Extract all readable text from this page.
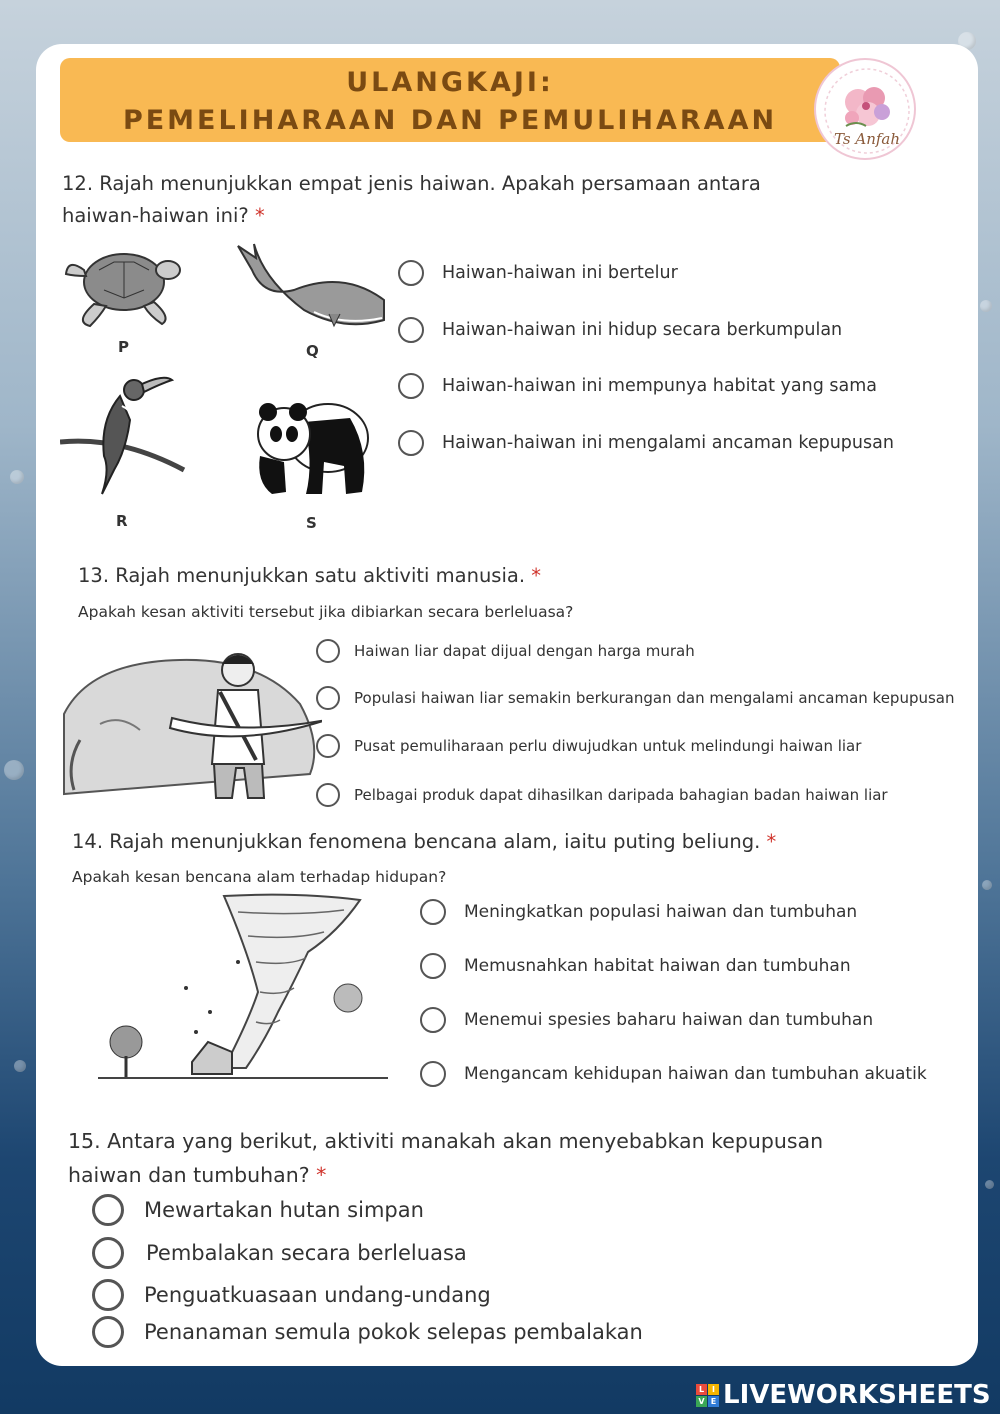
ULANGKAJI:
PEMELIHARAAN DAN PEMULIHARAAN
Ts Anfah
12. Rajah menunjukkan empat jenis haiwan. Apakah persamaan antara
haiwan-haiwan ini? *
P	Q
R	S
Haiwan-haiwan ini bertelur
Haiwan-haiwan ini hidup secara berkumpulan
Haiwan-haiwan ini mempunya habitat yang sama
Haiwan-haiwan ini mengalami ancaman kepupusan
13. Rajah menunjukkan satu aktiviti manusia. *
Apakah kesan aktiviti tersebut jika dibiarkan secara berleluasa?
Haiwan liar dapat dijual dengan harga murah
Populasi haiwan liar semakin berkurangan dan mengalami ancaman kepupusan
Pusat pemuliharaan perlu diwujudkan untuk melindungi haiwan liar
Pelbagai produk dapat dihasilkan daripada bahagian badan haiwan liar
14. Rajah menunjukkan fenomena bencana alam, iaitu puting beliung. *
Apakah kesan bencana alam terhadap hidupan?
Meningkatkan populasi haiwan dan tumbuhan
Memusnahkan habitat haiwan dan tumbuhan
Menemui spesies baharu haiwan dan tumbuhan
Mengancam kehidupan haiwan dan tumbuhan akuatik
15. Antara yang berikut, aktiviti manakah akan menyebabkan kepupusan
haiwan dan tumbuhan? *
Mewartakan hutan simpan
Pembalakan secara berleluasa
Penguatkuasaan undang-undang
Penanaman semula pokok selepas pembalakan
L I
V E LIVEWORKSHEETS
